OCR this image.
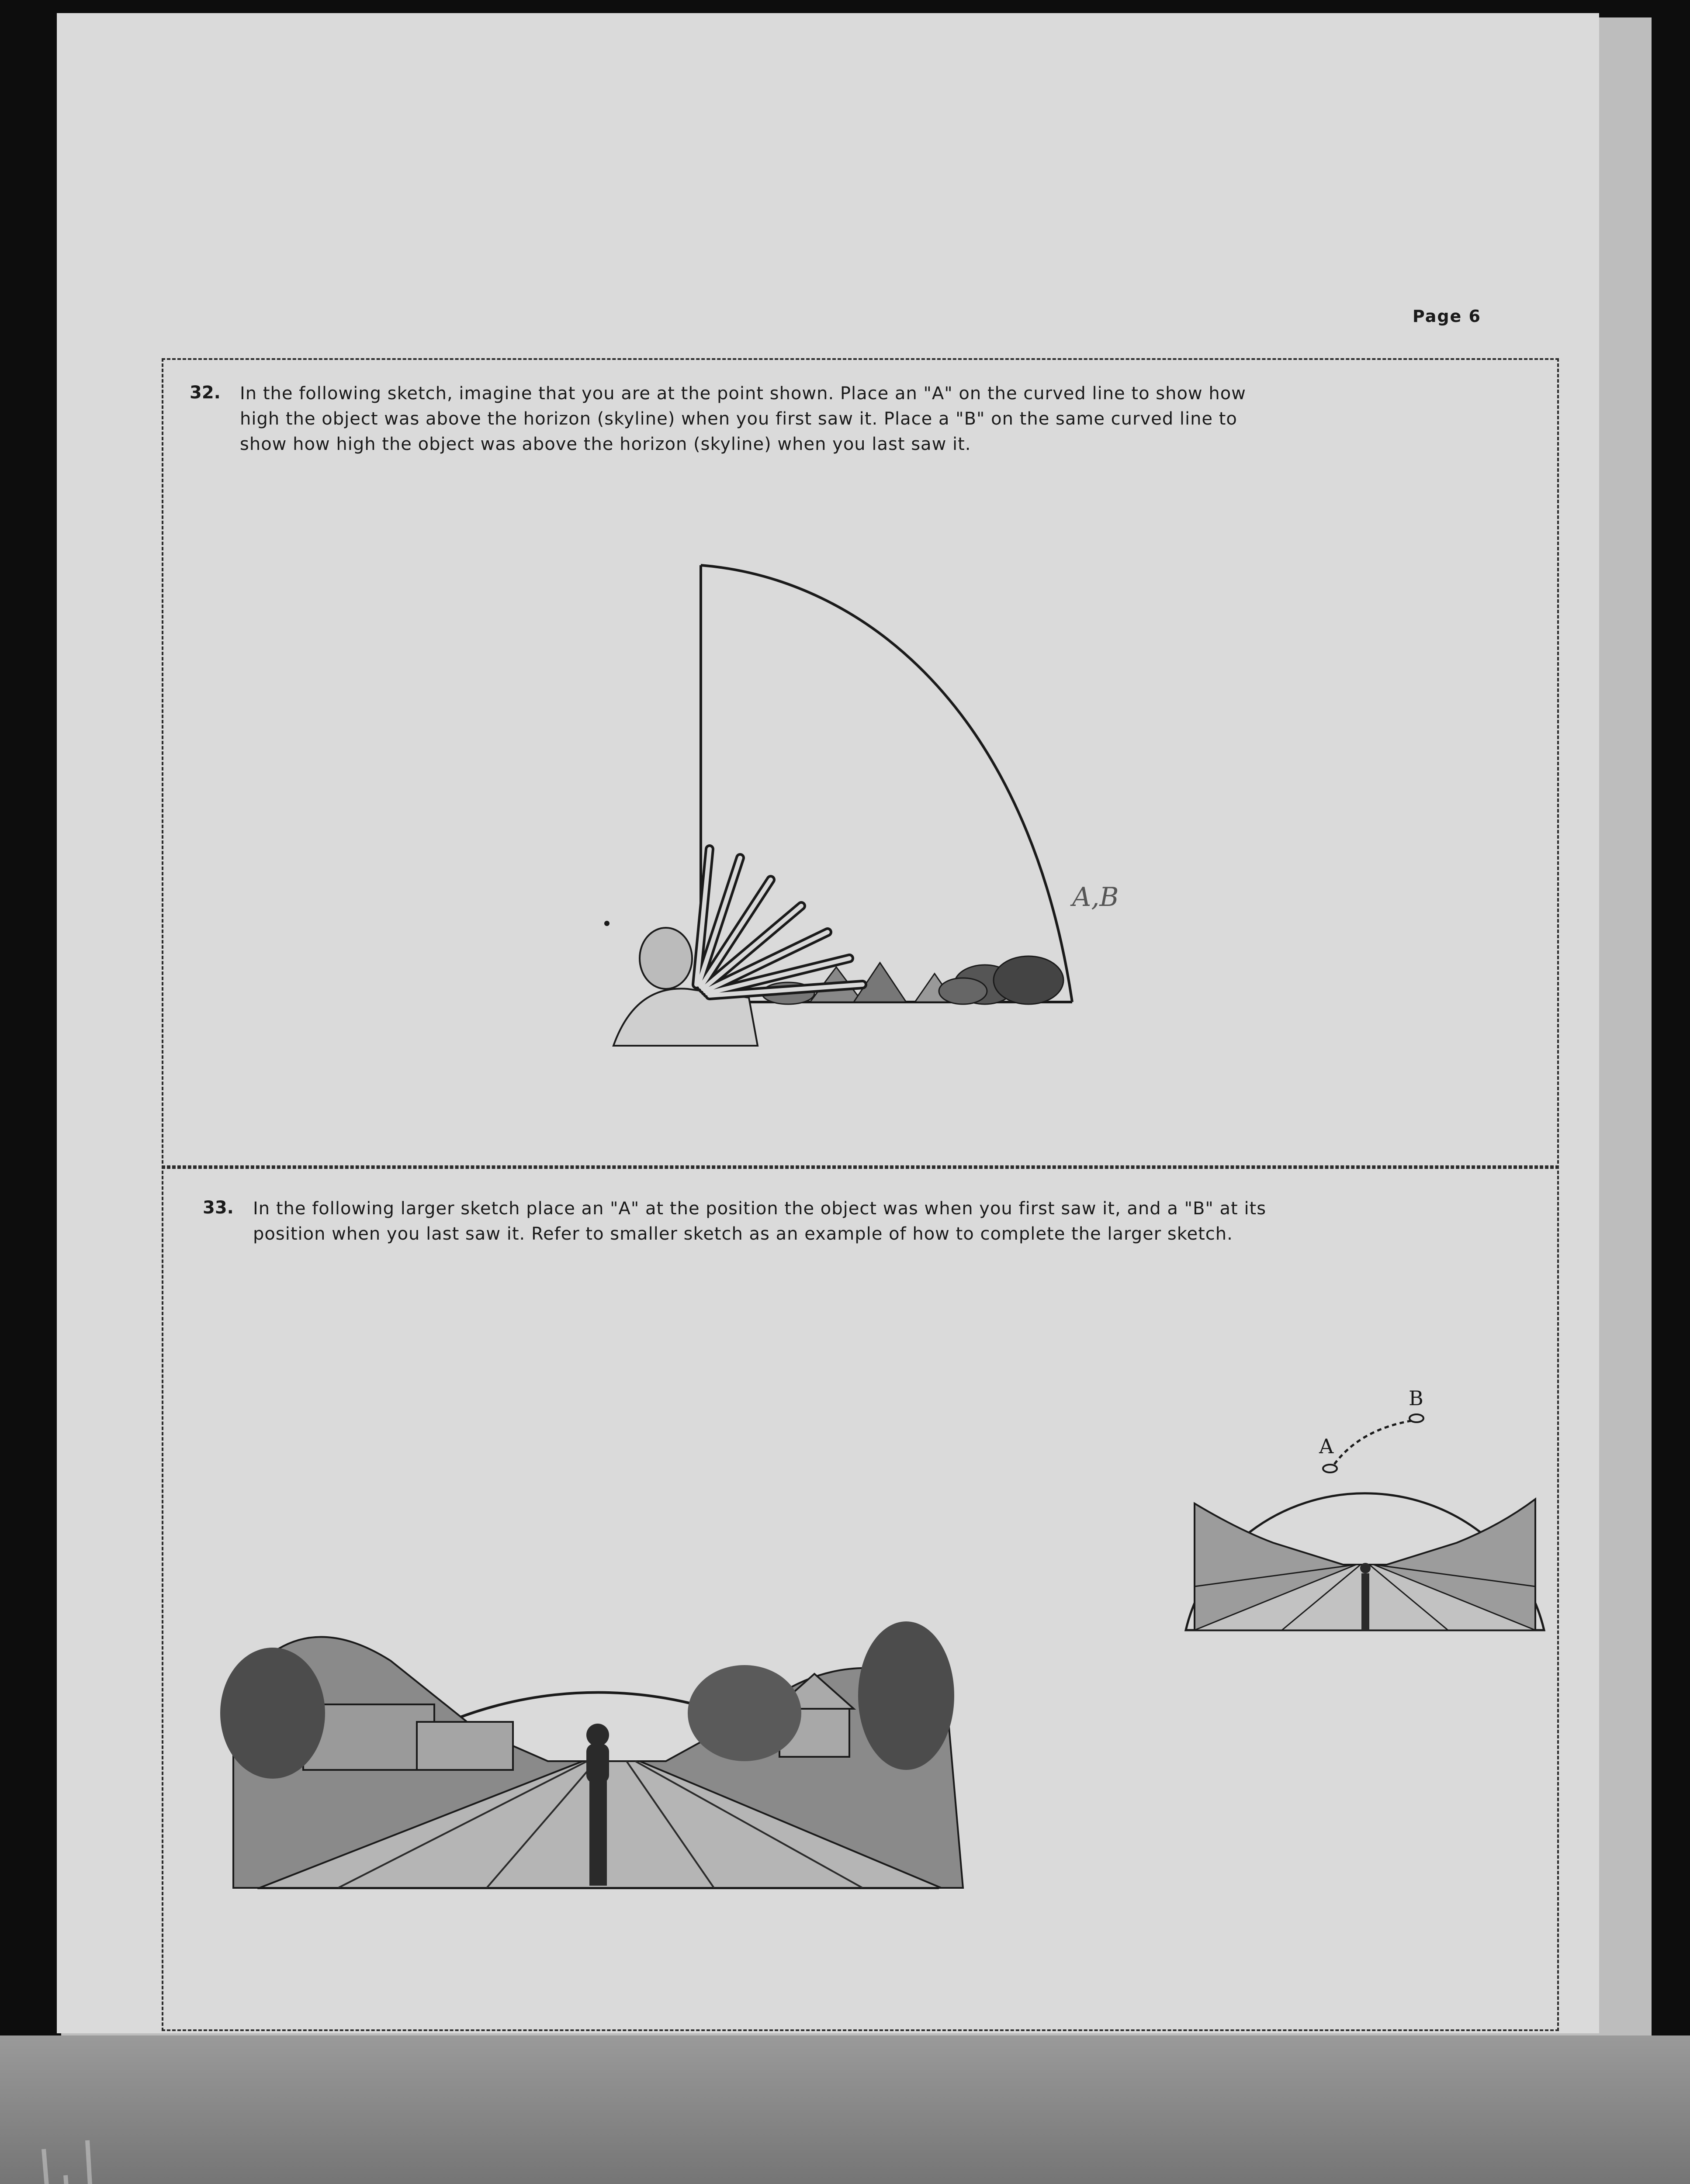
Page 6
32. In the following sketch, imagine that you are at the point shown. Place an "A" on the curved line to show how
high the object was above the horizon (skyline) when you first saw it. Place a "B" on the same curved line to
show how high the object was above the horizon (skyline) when you last saw it.
A,B
33. In the following larger sketch place an "A" at the position the object was when you first saw it, and a "B" at its
position when you last saw it. Refer to smaller sketch as an example of how to complete the larger sketch.
A
B
